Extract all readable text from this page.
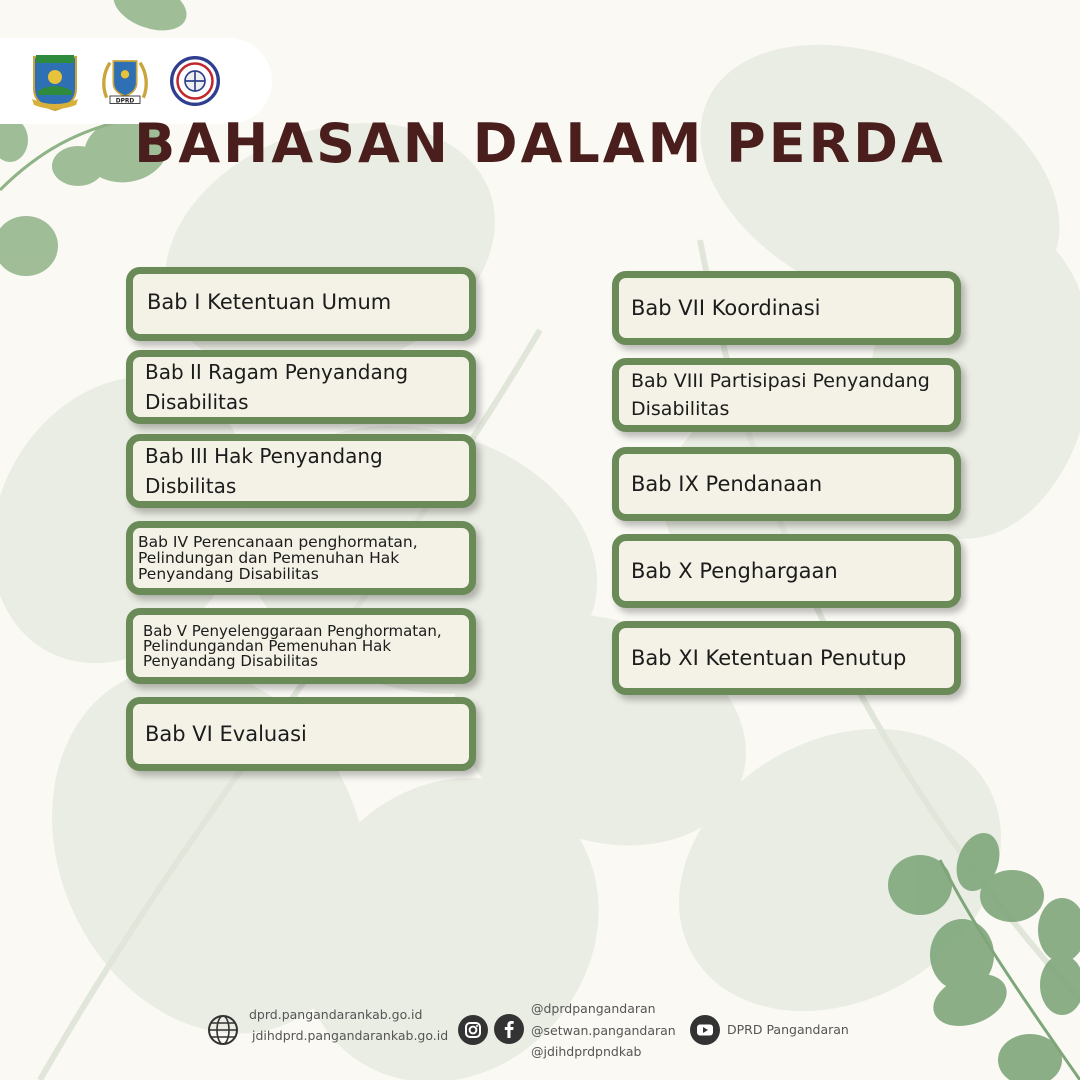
DPRD
BAHASAN DALAM PERDA
Bab I Ketentuan Umum
Bab II Ragam Penyandang Disabilitas
Bab III Hak Penyandang Disbilitas
Bab IV Perencanaan penghormatan, Pelindungan dan Pemenuhan Hak Penyandang Disabilitas
Bab V Penyelenggaraan Penghormatan, Pelindungandan Pemenuhan Hak Penyandang Disabilitas
Bab VI Evaluasi
Bab VII Koordinasi
Bab VIII Partisipasi Penyandang Disabilitas
Bab IX Pendanaan
Bab X Penghargaan
Bab XI Ketentuan Penutup
dprd.pangandarankab.go.id
jdihdprd.pangandarankab.go.id
@dprdpangandaran
@setwan.pangandaran
@jdihdprdpndkab
DPRD Pangandaran
